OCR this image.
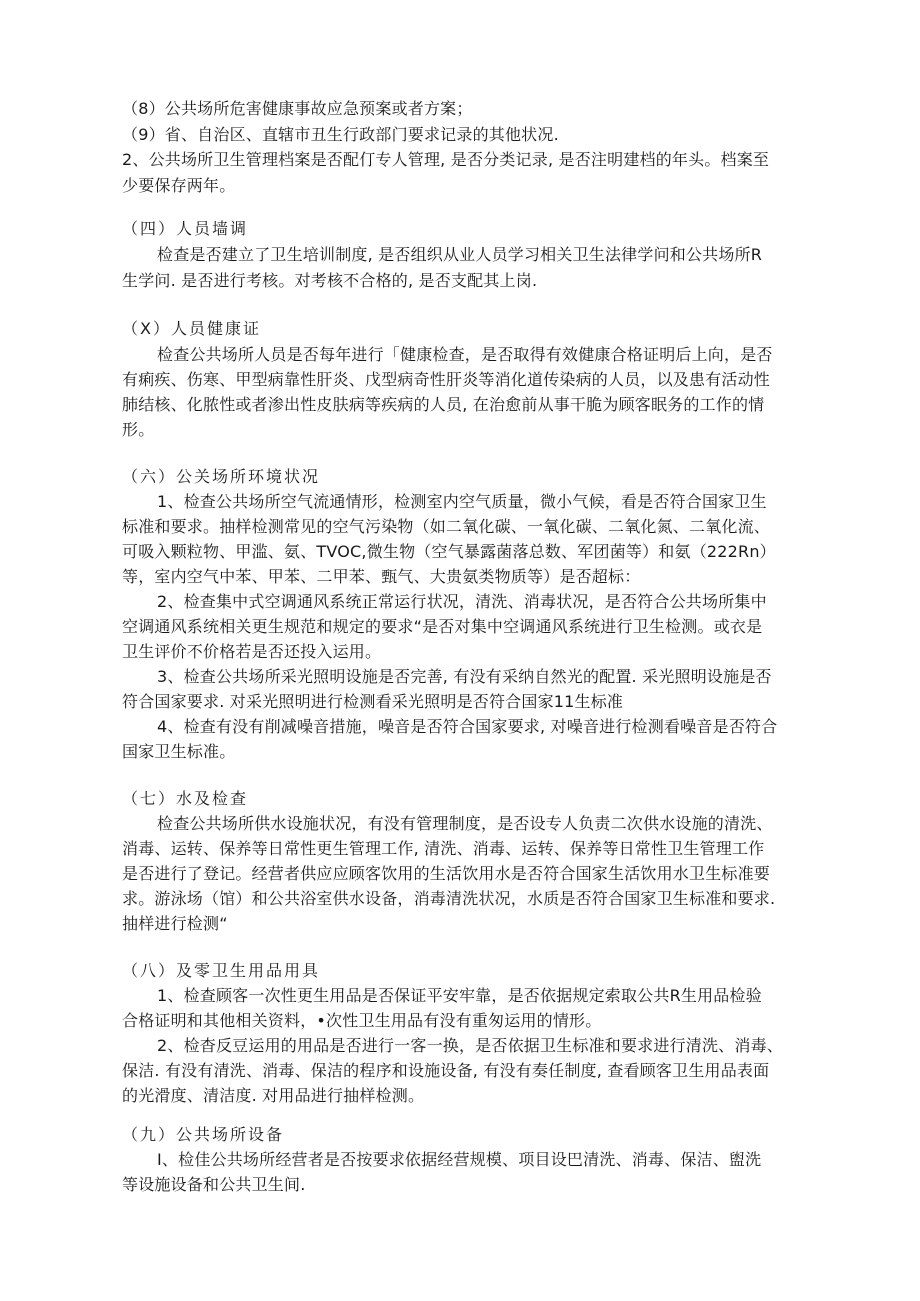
（8）公共场所危害健康事故应急预案或者方案；
（9）省、自治区、直辖市丑生行政部门要求记录的其他状况.
2、公共场所卫生管理档案是否配仃专人管理, 是否分类记录, 是否注明建档的年头。档案至
少要保存两年。
（四）人员墙调
检查是否建立了卫生培训制度, 是否组织从业人员学习相关卫生法律学问和公共场所R
生学问. 是否进行考核。对考核不合格的, 是否支配其上岗.
（X）人员健康证
检查公共场所人员是否每年进行「健康检查，是否取得有效健康合格证明后上向，是否
有痢疾、伤寒、甲型病靠性肝炎、戊型病奇性肝炎等消化道传染病的人员，以及患有活动性
肺结核、化脓性或者渗出性皮肤病等疾病的人员, 在治愈前从事干脆为顾客眠务的工作的情
形。
（六）公关场所环境状况
1、检查公共场所空气流通情形，检测室内空气质量，微小气候，看是否符合国家卫生
标准和要求。抽样检测常见的空气污染物（如二氧化碳、一氧化碳、二氧化氮、二氧化流、
可吸入颗粒物、甲滥、氨、TVOC,微生物（空气暴露菌落总数、军团菌等）和氨（222Rn）
等，室内空气中苯、甲苯、二甲苯、甄气、大贵氨类物质等）是否超标：
2、检查集中式空调通风系统正常运行状况，清洗、消毒状况，是否符合公共场所集中
空调通风系统相关更生规范和规定的要求“是否对集中空调通风系统进行卫生检测。或衣是
卫生评价不价格若是否还投入运用。
3、检查公共场所采光照明设施是否完善, 有没有采纳自然光的配置. 采光照明设施是否
符合国家要求. 对采光照明进行检测看采光照明是否符合国家11生标准
4、检查有没有削减噪音措施，噪音是否符合国家要求, 对噪音进行检测看噪音是否符合
国家卫生标准。
（七）水及检查
检查公共场所供水设施状况，有没有管理制度，是否设专人负责二次供水设施的清洗、
消毒、运转、保养等日常性更生管理工作, 清洗、消毒、运转、保养等日常性卫生管理工作
是否进行了登记。经营者供应应顾客饮用的生活饮用水是否符合国家生活饮用水卫生标准要
求。游泳场（馆）和公共浴室供水设备，消毒清洗状况，水质是否符合国家卫生标准和要求.
抽样进行检测“
（八）及零卫生用品用具
1、检查顾客一次性更生用品是否保证平安牢靠，是否依据规定索取公共R生用品检验
合格证明和其他相关资料，•次性卫生用品有没有重匆运用的情形。
2、检杳反豆运用的用品是否进行一客一换，是否依据卫生标准和要求进行清洗、消毒、
保洁. 有没有清洗、消毒、保洁的程序和设施设备, 有没有奏任制度, 查看顾客卫生用品表面
的光滑度、清洁度. 对用品进行抽样检测。
（九）公共场所设备
I、检佳公共场所经营者是否按要求依据经营规模、项目设巴清洗、消毒、保洁、盥洗
等设施设备和公共卫生间.
